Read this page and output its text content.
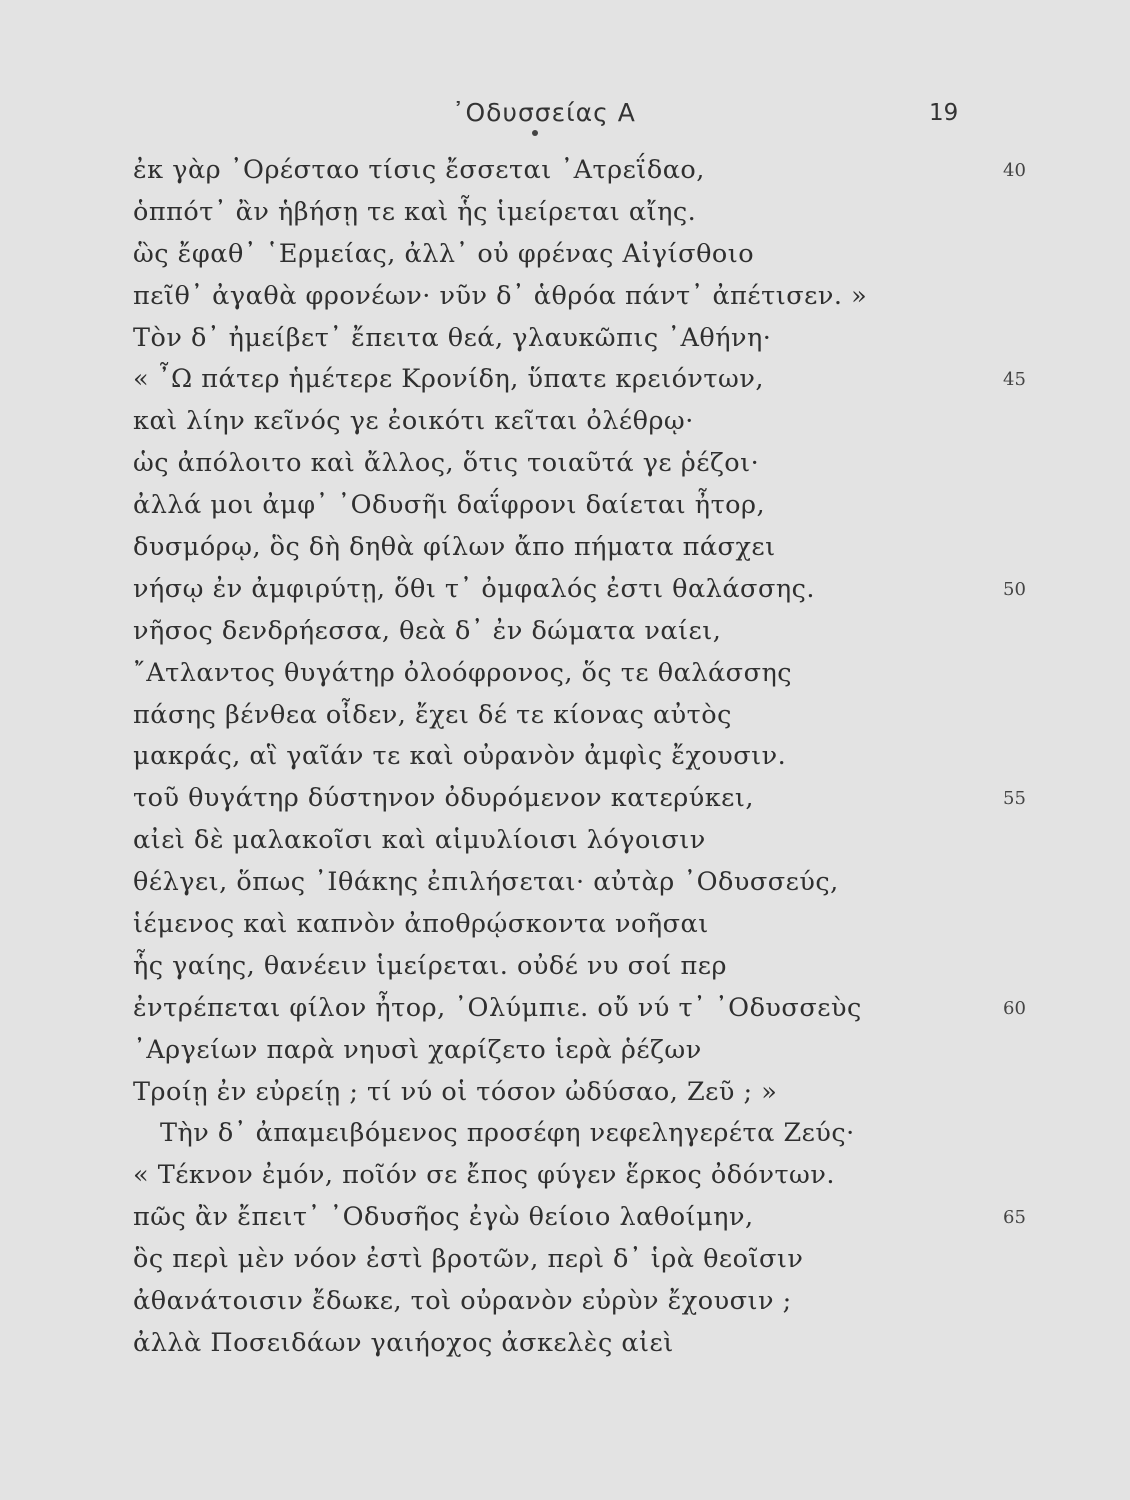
᾿Οδυσσείας Α	19
ἐκ γὰρ ᾿Ορέσταο τίσις ἔσσεται ᾿Ατρεΐδαο,	40
ὁππότ᾿ ἂν ἡβήσῃ τε καὶ ἧς ἱμείρεται αἴης.
ὣς ἔφαθ᾿ ῾Ερμείας, ἀλλ᾿ οὐ φρένας Αἰγίσθοιο
πεῖθ᾿ ἀγαθὰ φρονέων· νῦν δ᾿ ἁθρόα πάντ᾿ ἀπέτισεν. »
Τὸν δ᾿ ἠμείβετ᾿ ἔπειτα θεά, γλαυκῶπις ᾿Αθήνη·
« ῏Ω πάτερ ἡμέτερε Κρονίδη, ὕπατε κρειόντων,	45
καὶ λίην κεῖνός γε ἐοικότι κεῖται ὀλέθρῳ·
ὡς ἀπόλοιτο καὶ ἄλλος, ὅτις τοιαῦτά γε ῥέζοι·
ἀλλά μοι ἀμφ᾿ ᾿Οδυσῆι δαΐφρονι δαίεται ἦτορ,
δυσμόρῳ, ὃς δὴ δηθὰ φίλων ἄπο πήματα πάσχει
νήσῳ ἐν ἀμφιρύτῃ, ὅθι τ᾿ ὀμφαλός ἐστι θαλάσσης.	50
νῆσος δενδρήεσσα, θεὰ δ᾿ ἐν δώματα ναίει,
῎Ατλαντος θυγάτηρ ὀλοόφρονος, ὅς τε θαλάσσης
πάσης βένθεα οἶδεν, ἔχει δέ τε κίονας αὐτὸς
μακράς, αἳ γαῖάν τε καὶ οὐρανὸν ἀμφὶς ἔχουσιν.
τοῦ θυγάτηρ δύστηνον ὀδυρόμενον κατερύκει,	55
αἰεὶ δὲ μαλακοῖσι καὶ αἱμυλίοισι λόγοισιν
θέλγει, ὅπως ᾿Ιθάκης ἐπιλήσεται· αὐτὰρ ᾿Οδυσσεύς,
ἱέμενος καὶ καπνὸν ἀποθρῴσκοντα νοῆσαι
ἧς γαίης, θανέειν ἱμείρεται. οὐδέ νυ σοί περ
ἐντρέπεται φίλον ἦτορ, ᾿Ολύμπιε. οὔ νύ τ᾿ ᾿Οδυσσεὺς	60
᾿Αργείων παρὰ νηυσὶ χαρίζετο ἱερὰ ῥέζων
Τροίῃ ἐν εὐρείῃ ; τί νύ οἱ τόσον ὠδύσαο, Ζεῦ ; »
Τὴν δ᾿ ἀπαμειβόμενος προσέφη νεφεληγερέτα Ζεύς·
« Τέκνον ἐμόν, ποῖόν σε ἔπος φύγεν ἕρκος ὀδόντων.
πῶς ἂν ἔπειτ᾿ ᾿Οδυσῆος ἐγὼ θείοιο λαθοίμην,	65
ὃς περὶ μὲν νόον ἐστὶ βροτῶν, περὶ δ᾿ ἱρὰ θεοῖσιν
ἀθανάτοισιν ἔδωκε, τοὶ οὐρανὸν εὐρὺν ἔχουσιν ;
ἀλλὰ Ποσειδάων γαιήοχος ἀσκελὲς αἰεὶ
